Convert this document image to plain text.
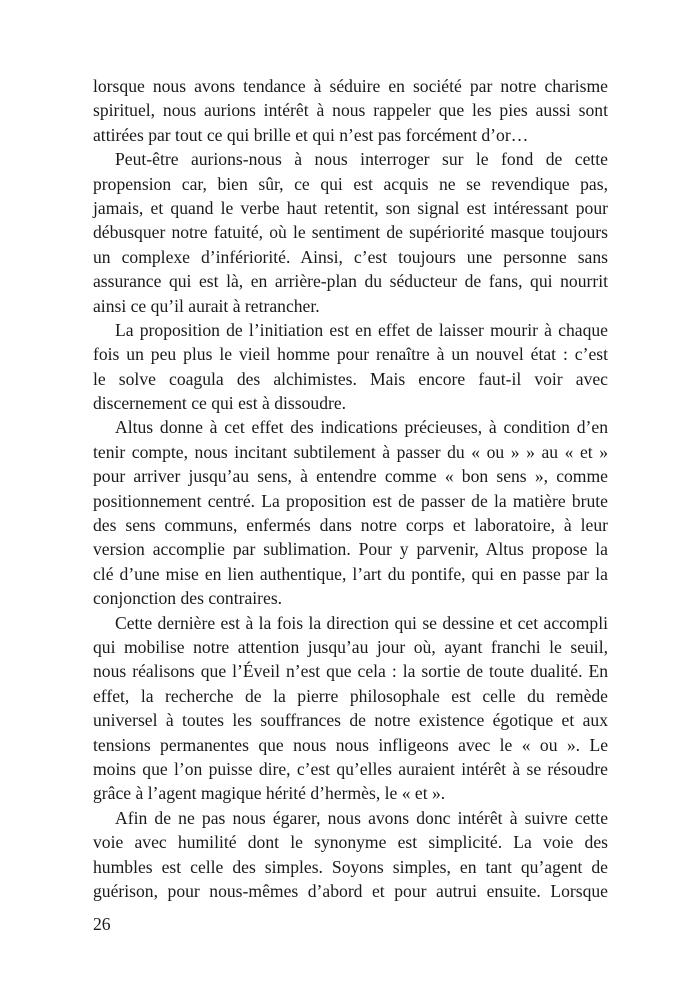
lorsque nous avons tendance à séduire en société par notre charisme
spirituel, nous aurions intérêt à nous rappeler que les pies aussi sont
attirées par tout ce qui brille et qui n’est pas forcément d’or…
Peut-être aurions-nous à nous interroger sur le fond de cette
propension car, bien sûr, ce qui est acquis ne se revendique pas,
jamais, et quand le verbe haut retentit, son signal est intéressant pour
débusquer notre fatuité, où le sentiment de supériorité masque toujours
un complexe d’infériorité. Ainsi, c’est toujours une personne sans
assurance qui est là, en arrière-plan du séducteur de fans, qui nourrit
ainsi ce qu’il aurait à retrancher.
La proposition de l’initiation est en effet de laisser mourir à chaque
fois un peu plus le vieil homme pour renaître à un nouvel état : c’est
le solve coagula des alchimistes. Mais encore faut-il voir avec
discernement ce qui est à dissoudre.
Altus donne à cet effet des indications précieuses, à condition d’en
tenir compte, nous incitant subtilement à passer du « ou » » au « et »
pour arriver jusqu’au sens, à entendre comme « bon sens », comme
positionnement centré. La proposition est de passer de la matière brute
des sens communs, enfermés dans notre corps et laboratoire, à leur
version accomplie par sublimation. Pour y parvenir, Altus propose la
clé d’une mise en lien authentique, l’art du pontife, qui en passe par la
conjonction des contraires.
Cette dernière est à la fois la direction qui se dessine et cet accompli
qui mobilise notre attention jusqu’au jour où, ayant franchi le seuil,
nous réalisons que l’Éveil n’est que cela : la sortie de toute dualité. En
effet, la recherche de la pierre philosophale est celle du remède
universel à toutes les souffrances de notre existence égotique et aux
tensions permanentes que nous nous infligeons avec le « ou ». Le
moins que l’on puisse dire, c’est qu’elles auraient intérêt à se résoudre
grâce à l’agent magique hérité d’hermès, le « et ».
Afin de ne pas nous égarer, nous avons donc intérêt à suivre cette
voie avec humilité dont le synonyme est simplicité. La voie des
humbles est celle des simples. Soyons simples, en tant qu’agent de
guérison, pour nous-mêmes d’abord et pour autrui ensuite. Lorsque
26
